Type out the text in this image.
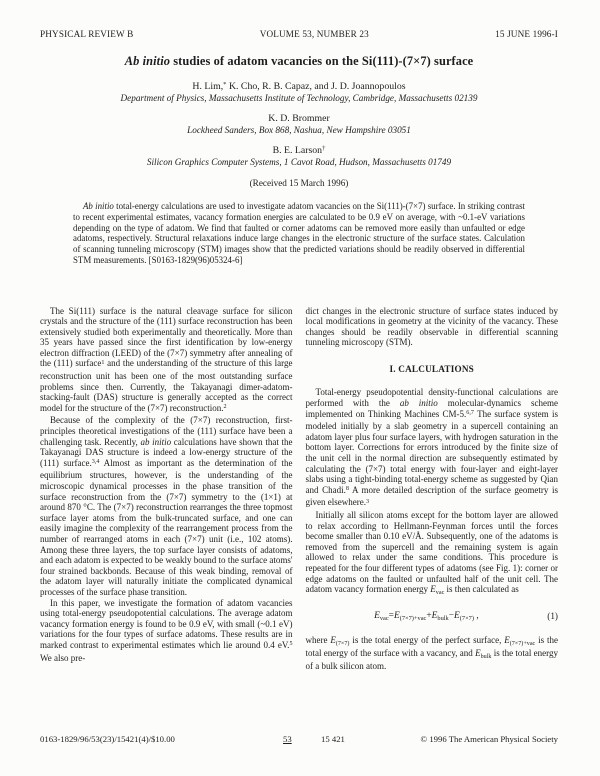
PHYSICAL REVIEW B	VOLUME 53, NUMBER 23	15 JUNE 1996-I
Ab initio studies of adatom vacancies on the Si(111)-(7×7) surface
H. Lim,* K. Cho, R. B. Capaz, and J. D. Joannopoulos
Department of Physics, Massachusetts Institute of Technology, Cambridge, Massachusetts 02139
K. D. Brommer
Lockheed Sanders, Box 868, Nashua, New Hampshire 03051
B. E. Larson†
Silicon Graphics Computer Systems, 1 Cavot Road, Hudson, Massachusetts 01749
(Received 15 March 1996)
Ab initio total-energy calculations are used to investigate adatom vacancies on the Si(111)-(7×7) surface. In striking contrast to recent experimental estimates, vacancy formation energies are calculated to be 0.9 eV on average, with ~0.1-eV variations depending on the type of adatom. We find that faulted or corner adatoms can be removed more easily than unfaulted or edge adatoms, respectively. Structural relaxations induce large changes in the electronic structure of the surface states. Calculation of scanning tunneling microscopy (STM) images show that the predicted variations should be readily observed in differential STM measurements. [S0163-1829(96)05324-6]

The Si(111) surface is the natural cleavage surface for silicon crystals and the structure of the (111) surface reconstruction has been extensively studied both experimentally and theoretically. More than 35 years have passed since the first identification by low-energy electron diffraction (LEED) of the (7×7) symmetry after annealing of the (111) surface$^1$ and the understanding of the structure of this large reconstruction unit has been one of the most outstanding surface problems since then. Currently, the Takayanagi dimer-adatom-stacking-fault (DAS) structure is generally accepted as the correct model for the structure of the (7×7) reconstruction.$^2$

Because of the complexity of the (7×7) reconstruction, first-principles theoretical investigations of the (111) surface have been a challenging task. Recently, ab initio calculations have shown that the Takayanagi DAS structure is indeed a low-energy structure of the (111) surface.$^{3,4}$ Almost as important as the determination of the equilibrium structures, however, is the understanding of the microscopic dynamical processes in the phase transition of the surface reconstruction from the (7×7) symmetry to the (1×1) at around 870 °C. The (7×7) reconstruction rearranges the three topmost surface layer atoms from the bulk-truncated surface, and one can easily imagine the complexity of the rearrangement process from the number of rearranged atoms in each (7×7) unit (i.e., 102 atoms). Among these three layers, the top surface layer consists of adatoms, and each adatom is expected to be weakly bound to the surface atoms' four strained backbonds. Because of this weak binding, removal of the adatom layer will naturally initiate the complicated dynamical processes of the surface phase transition.

In this paper, we investigate the formation of adatom vacancies using total-energy pseudopotential calculations. The average adatom vacancy formation energy is found to be 0.9 eV, with small (~0.1 eV) variations for the four types of surface adatoms. These results are in marked contrast to experimental estimates which lie around 0.4 eV.$^5$ We also pre-

dict changes in the electronic structure of surface states induced by local modifications in geometry at the vicinity of the vacancy. These changes should be readily observable in differential scanning tunneling microscopy (STM).

I. CALCULATIONS

Total-energy pseudopotential density-functional calculations are performed with the ab initio molecular-dynamics scheme implemented on Thinking Machines CM-5.$^{6,7}$ The surface system is modeled initially by a slab geometry in a supercell containing an adatom layer plus four surface layers, with hydrogen saturation in the bottom layer. Corrections for errors introduced by the finite size of the unit cell in the normal direction are subsequently estimated by calculating the (7×7) total energy with four-layer and eight-layer slabs using a tight-binding total-energy scheme as suggested by Qian and Chadi.$^8$ A more detailed description of the surface geometry is given elsewhere.$^3$

Initially all silicon atoms except for the bottom layer are allowed to relax according to Hellmann-Feynman forces until the forces become smaller than 0.10 eV/Å. Subsequently, one of the adatoms is removed from the supercell and the remaining system is again allowed to relax under the same conditions. This procedure is repeated for the four different types of adatoms (see Fig. 1): corner or edge adatoms on the faulted or unfaulted half of the unit cell. The adatom vacancy formation energy Evac is then calculated as

Evac=E(7×7)+vac+Ebulk−E(7×7) ,	(1)

where E(7×7) is the total energy of the perfect surface, E(7×7)+vac is the total energy of the surface with a vacancy, and Ebulk is the total energy of a bulk silicon atom.

0163-1829/96/53(23)/15421(4)/$10.00	53	15 421	© 1996 The American Physical Society
